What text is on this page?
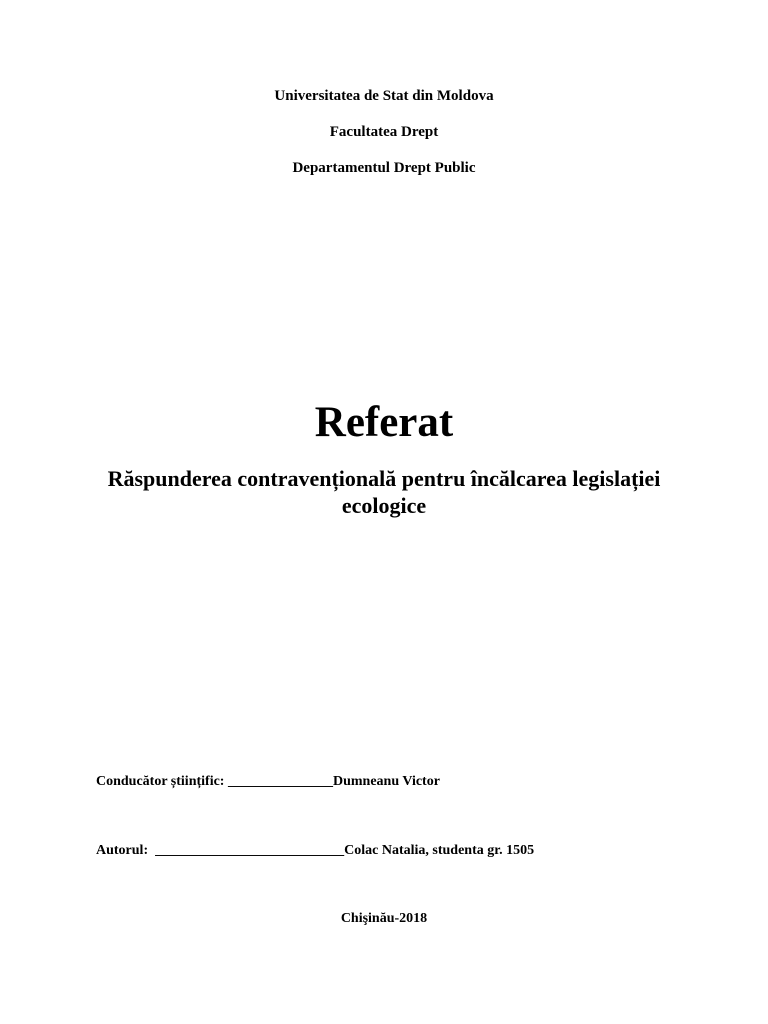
Universitatea de Stat din Moldova
Facultatea Drept
Departamentul Drept Public
Referat
Răspunderea contravențională pentru încălcarea legislației ecologice
Conducător științific: _______________Dumneanu Victor
Autorul:  ___________________________Colac Natalia, studenta gr. 1505
Chişinău-2018
